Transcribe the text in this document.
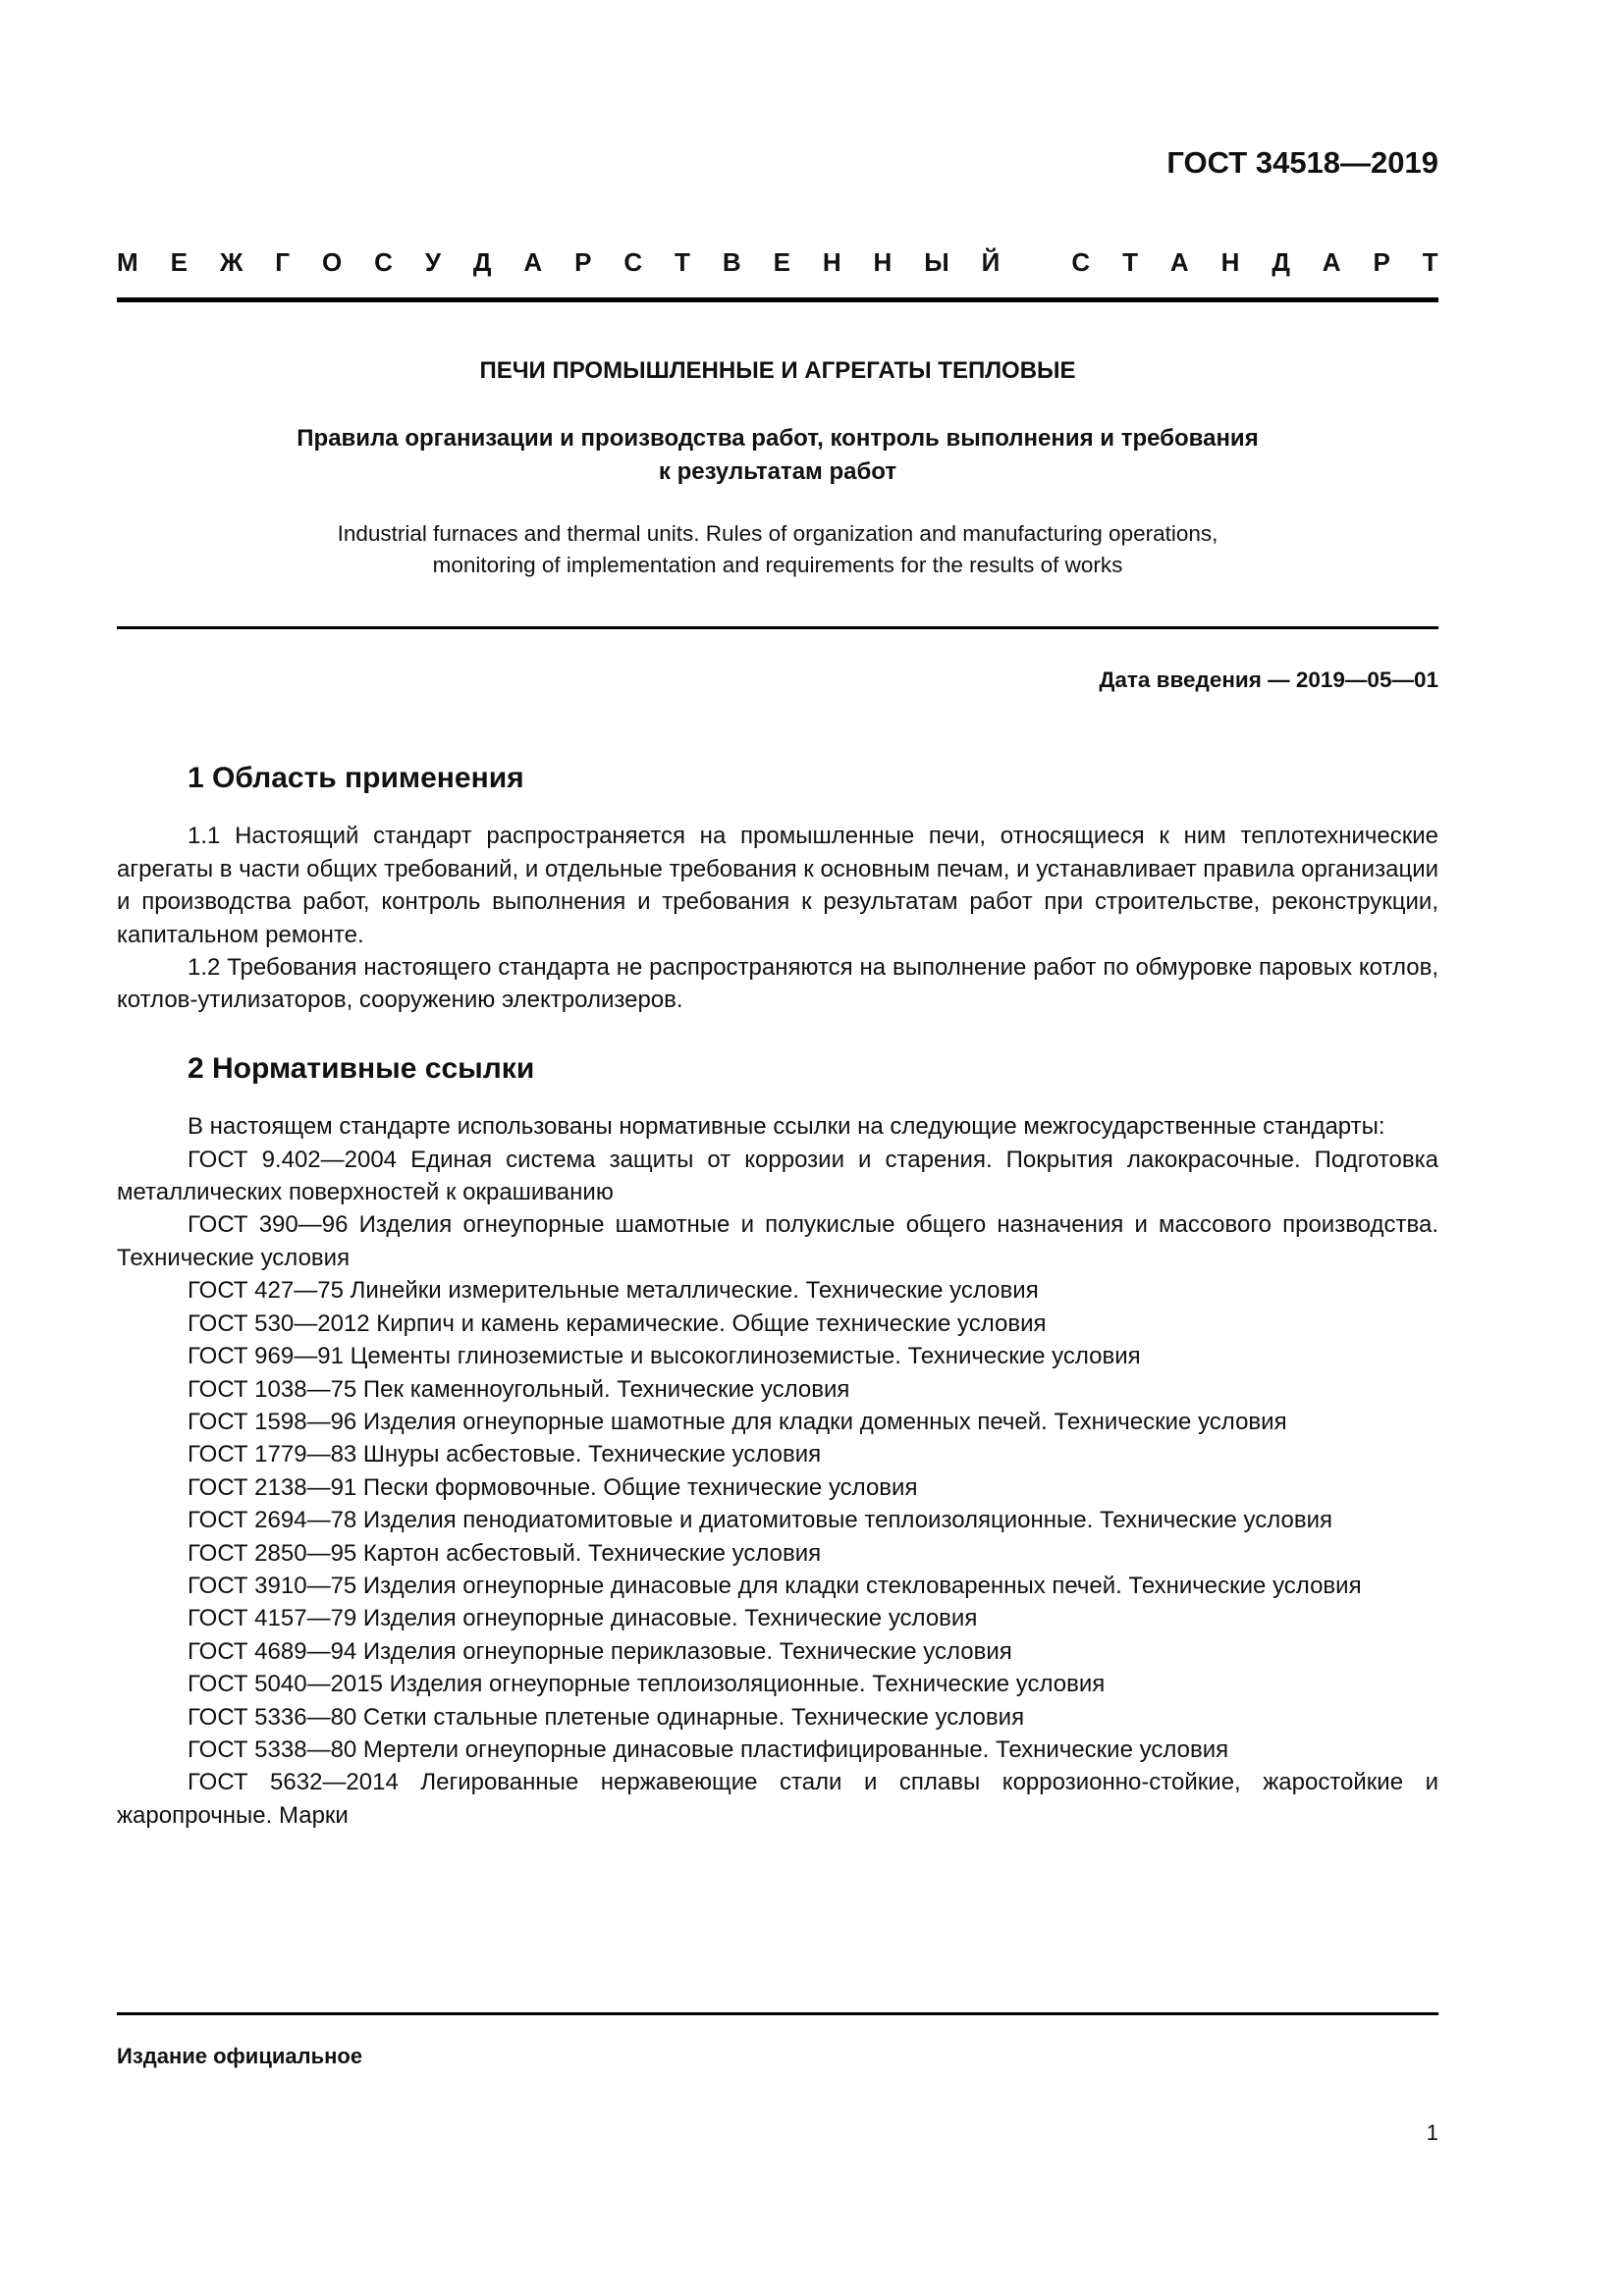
ГОСТ 34518—2019
М Е Ж Г О С У Д А Р С Т В Е Н Н Ы Й
	С Т А Н Д А Р Т
ПЕЧИ ПРОМЫШЛЕННЫЕ И АГРЕГАТЫ ТЕПЛОВЫЕ
Правила организации и производства работ, контроль выполнения и требования
к результатам работ
Industrial furnaces and thermal units. Rules of organization and manufacturing operations,
monitoring of implementation and requirements for the results of works
Дата введения — 2019—05—01
1 Область применения

1.1 Настоящий стандарт распространяется на промышленные печи, относящиеся к ним теплотехнические агрегаты в части общих требований, и отдельные требования к основным печам, и устанавливает правила организации и производства работ, контроль выполнения и требования к результатам работ при строительстве, реконструкции, капитальном ремонте.

1.2 Требования настоящего стандарта не распространяются на выполнение работ по обмуровке паровых котлов, котлов-утилизаторов, сооружению электролизеров.

2 Нормативные ссылки

В настоящем стандарте использованы нормативные ссылки на следующие межгосударственные стандарты:

ГОСТ 9.402—2004 Единая система защиты от коррозии и старения. Покрытия лакокрасочные. Подготовка металлических поверхностей к окрашиванию

ГОСТ 390—96 Изделия огнеупорные шамотные и полукислые общего назначения и массового производства. Технические условия

ГОСТ 427—75 Линейки измерительные металлические. Технические условия

ГОСТ 530—2012 Кирпич и камень керамические. Общие технические условия

ГОСТ 969—91 Цементы глиноземистые и высокоглиноземистые. Технические условия

ГОСТ 1038—75 Пек каменноугольный. Технические условия

ГОСТ 1598—96 Изделия огнеупорные шамотные для кладки доменных печей. Технические условия

ГОСТ 1779—83 Шнуры асбестовые. Технические условия

ГОСТ 2138—91 Пески формовочные. Общие технические условия

ГОСТ 2694—78 Изделия пенодиатомитовые и диатомитовые теплоизоляционные. Технические условия

ГОСТ 2850—95 Картон асбестовый. Технические условия

ГОСТ 3910—75 Изделия огнеупорные динасовые для кладки стекловаренных печей. Технические условия

ГОСТ 4157—79 Изделия огнеупорные динасовые. Технические условия

ГОСТ 4689—94 Изделия огнеупорные периклазовые. Технические условия

ГОСТ 5040—2015 Изделия огнеупорные теплоизоляционные. Технические условия

ГОСТ 5336—80 Сетки стальные плетеные одинарные. Технические условия

ГОСТ 5338—80 Мертели огнеупорные динасовые пластифицированные. Технические условия

ГОСТ 5632—2014 Легированные нержавеющие стали и сплавы коррозионно-стойкие, жаростойкие и жаропрочные. Марки

Издание официальное
1
